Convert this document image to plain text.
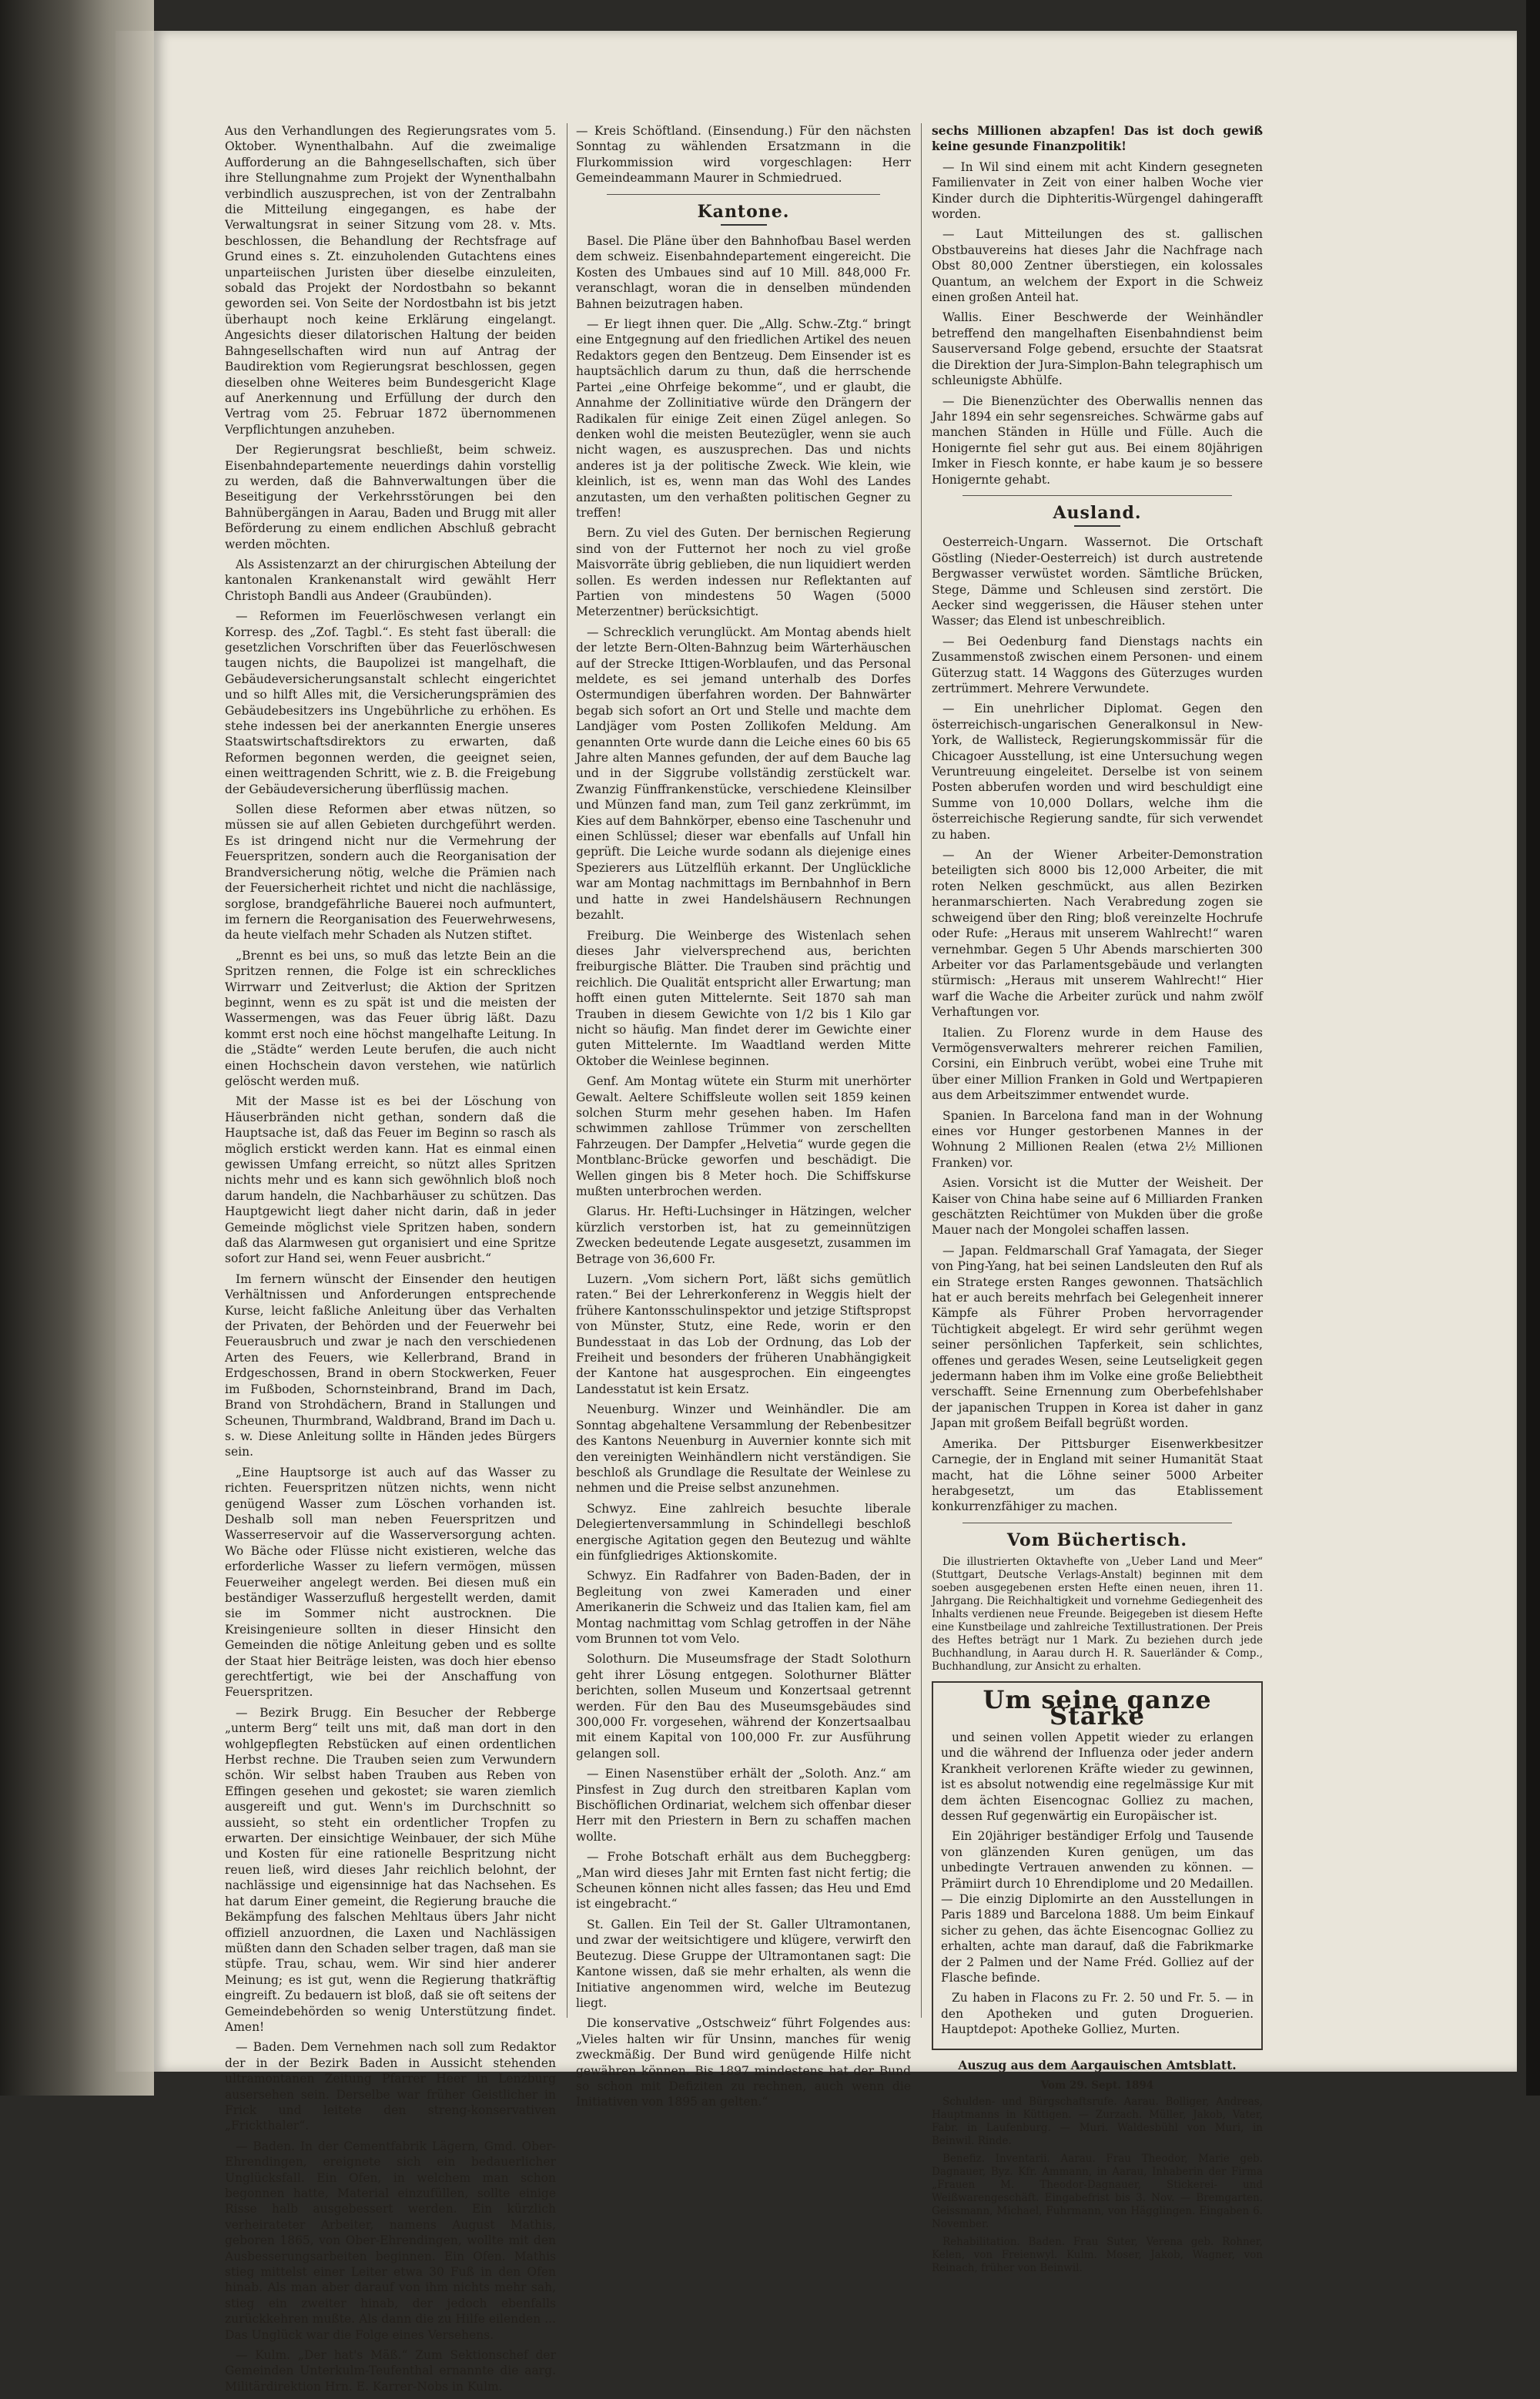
Aus den Verhandlungen des Regierungsrates vom 5. Oktober. Wynenthalbahn. Auf die zweimalige Aufforderung an die Bahngesellschaften, sich über ihre Stellungnahme zum Projekt der Wynenthalbahn verbindlich auszusprechen, ist von der Zentralbahn die Mitteilung eingegangen, es habe der Verwaltungsrat in seiner Sitzung vom 28. v. Mts. beschlossen, die Behandlung der Rechtsfrage auf Grund eines s. Zt. einzuholenden Gutachtens eines unparteiischen Juristen über dieselbe einzuleiten, sobald das Projekt der Nordostbahn so bekannt geworden sei. Von Seite der Nordostbahn ist bis jetzt überhaupt noch keine Erklärung eingelangt. Angesichts dieser dilatorischen Haltung der beiden Bahngesellschaften wird nun auf Antrag der Baudirektion vom Regierungsrat beschlossen, gegen dieselben ohne Weiteres beim Bundesgericht Klage auf Anerkennung und Erfüllung der durch den Vertrag vom 25. Februar 1872 übernommenen Verpflichtungen anzuheben.

Der Regierungsrat beschließt, beim schweiz. Eisenbahndepartemente neuerdings dahin vorstellig zu werden, daß die Bahnverwaltungen über die Beseitigung der Verkehrsstörungen bei den Bahnübergängen in Aarau, Baden und Brugg mit aller Beförderung zu einem endlichen Abschluß gebracht werden möchten.

Als Assistenzarzt an der chirurgischen Abteilung der kantonalen Krankenanstalt wird gewählt Herr Christoph Bandli aus Andeer (Graubünden).

— Reformen im Feuerlöschwesen verlangt ein Korresp. des „Zof. Tagbl.“. Es steht fast überall: die gesetzlichen Vorschriften über das Feuerlöschwesen taugen nichts, die Baupolizei ist mangelhaft, die Gebäudeversicherungsanstalt schlecht eingerichtet und so hilft Alles mit, die Versicherungsprämien des Gebäudebesitzers ins Ungebührliche zu erhöhen. Es stehe indessen bei der anerkannten Energie unseres Staatswirtschaftsdirektors zu erwarten, daß Reformen begonnen werden, die geeignet seien, einen weittragenden Schritt, wie z. B. die Freigebung der Gebäudeversicherung überflüssig machen.

Sollen diese Reformen aber etwas nützen, so müssen sie auf allen Gebieten durchgeführt werden. Es ist dringend nicht nur die Vermehrung der Feuerspritzen, sondern auch die Reorganisation der Brandversicherung nötig, welche die Prämien nach der Feuersicherheit richtet und nicht die nachlässige, sorglose, brandgefährliche Bauerei noch aufmuntert, im fernern die Reorganisation des Feuerwehrwesens, da heute vielfach mehr Schaden als Nutzen stiftet.

„Brennt es bei uns, so muß das letzte Bein an die Spritzen rennen, die Folge ist ein schreckliches Wirrwarr und Zeitverlust; die Aktion der Spritzen beginnt, wenn es zu spät ist und die meisten der Wassermengen, was das Feuer übrig läßt. Dazu kommt erst noch eine höchst mangelhafte Leitung. In die „Städte“ werden Leute berufen, die auch nicht einen Hochschein davon verstehen, wie natürlich gelöscht werden muß.

Mit der Masse ist es bei der Löschung von Häuserbränden nicht gethan, sondern daß die Hauptsache ist, daß das Feuer im Beginn so rasch als möglich erstickt werden kann. Hat es einmal einen gewissen Umfang erreicht, so nützt alles Spritzen nichts mehr und es kann sich gewöhnlich bloß noch darum handeln, die Nachbarhäuser zu schützen. Das Hauptgewicht liegt daher nicht darin, daß in jeder Gemeinde möglichst viele Spritzen haben, sondern daß das Alarmwesen gut organisiert und eine Spritze sofort zur Hand sei, wenn Feuer ausbricht.“

Im fernern wünscht der Einsender den heutigen Verhältnissen und Anforderungen entsprechende Kurse, leicht faßliche Anleitung über das Verhalten der Privaten, der Behörden und der Feuerwehr bei Feuerausbruch und zwar je nach den verschiedenen Arten des Feuers, wie Kellerbrand, Brand in Erdgeschossen, Brand in obern Stockwerken, Feuer im Fußboden, Schornsteinbrand, Brand im Dach, Brand von Strohdächern, Brand in Stallungen und Scheunen, Thurmbrand, Waldbrand, Brand im Dach u. s. w. Diese Anleitung sollte in Händen jedes Bürgers sein.

„Eine Hauptsorge ist auch auf das Wasser zu richten. Feuerspritzen nützen nichts, wenn nicht genügend Wasser zum Löschen vorhanden ist. Deshalb soll man neben Feuerspritzen und Wasserreservoir auf die Wasserversorgung achten. Wo Bäche oder Flüsse nicht existieren, welche das erforderliche Wasser zu liefern vermögen, müssen Feuerweiher angelegt werden. Bei diesen muß ein beständiger Wasserzufluß hergestellt werden, damit sie im Sommer nicht austrocknen. Die Kreisingenieure sollten in dieser Hinsicht den Gemeinden die nötige Anleitung geben und es sollte der Staat hier Beiträge leisten, was doch hier ebenso gerechtfertigt, wie bei der Anschaffung von Feuerspritzen.

— Bezirk Brugg. Ein Besucher der Rebberge „unterm Berg“ teilt uns mit, daß man dort in den wohlgepflegten Rebstücken auf einen ordentlichen Herbst rechne. Die Trauben seien zum Verwundern schön. Wir selbst haben Trauben aus Reben von Effingen gesehen und gekostet; sie waren ziemlich ausgereift und gut. Wenn's im Durchschnitt so aussieht, so steht ein ordentlicher Tropfen zu erwarten. Der einsichtige Weinbauer, der sich Mühe und Kosten für eine rationelle Bespritzung nicht reuen ließ, wird dieses Jahr reichlich belohnt, der nachlässige und eigensinnige hat das Nachsehen. Es hat darum Einer gemeint, die Regierung brauche die Bekämpfung des falschen Mehltaus übers Jahr nicht offiziell anzuordnen, die Laxen und Nachlässigen müßten dann den Schaden selber tragen, daß man sie stüpfe. Trau, schau, wem. Wir sind hier anderer Meinung; es ist gut, wenn die Regierung thatkräftig eingreift. Zu bedauern ist bloß, daß sie oft seitens der Gemeindebehörden so wenig Unterstützung findet. Amen!

— Baden. Dem Vernehmen nach soll zum Redaktor der in der Bezirk Baden in Aussicht stehenden ultramontanen Zeitung Pfarrer Heer in Lenzburg ausersehen sein. Derselbe war früher Geistlicher in Frick und leitete den streng-konservativen „Frickthaler“.

— Baden. In der Cementfabrik Lägern, Gmd. Ober-Ehrendingen, ereignete sich ein bedauerlicher Unglücksfall. Ein Ofen, in welchem man schon begonnen hatte, Material einzufüllen, sollte einige Risse halb ausgebessert werden. Ein kürzlich verheirateter Arbeiter, namens August Mathis, geboren 1865, von Ober-Ehrendingen, wollte mit den Ausbesserungsarbeiten beginnen. Ein Ofen. Mathis stieg mittelst einer Leiter etwa 30 Fuß in den Ofen hinab. Als man aber darauf von ihm nichts mehr sah, stieg ein zweiter hinab, der jedoch ebenfalls zurückkehren mußte. Als dann die zu Hilfe eilenden ... Das Unglück war die Folge eines Versehens.

— Kulm. „Der hat's Mäß.“ Zum Sektionschef der Gemeinden Unterkulm-Teufenthal ernannte die aarg. Militärdirektion Hrn. E. Karrer-Nobs in Kulm.

— Kreis Schöftland. (Einsendung.) Für den nächsten Sonntag zu wählenden Ersatzmann in die Flurkommission wird vorgeschlagen: Herr Gemeindeammann Maurer in Schmiedrued.

Kantone.

Basel. Die Pläne über den Bahnhofbau Basel werden dem schweiz. Eisenbahndepartement eingereicht. Die Kosten des Umbaues sind auf 10 Mill. 848,000 Fr. veranschlagt, woran die in denselben mündenden Bahnen beizutragen haben.

— Er liegt ihnen quer. Die „Allg. Schw.-Ztg.“ bringt eine Entgegnung auf den friedlichen Artikel des neuen Redaktors gegen den Bentzeug. Dem Einsender ist es hauptsächlich darum zu thun, daß die herrschende Partei „eine Ohrfeige bekomme“, und er glaubt, die Annahme der Zollinitiative würde den Drängern der Radikalen für einige Zeit einen Zügel anlegen. So denken wohl die meisten Beutezügler, wenn sie auch nicht wagen, es auszusprechen. Das und nichts anderes ist ja der politische Zweck. Wie klein, wie kleinlich, ist es, wenn man das Wohl des Landes anzutasten, um den verhaßten politischen Gegner zu treffen!

Bern. Zu viel des Guten. Der bernischen Regierung sind von der Futternot her noch zu viel große Maisvorräte übrig geblieben, die nun liquidiert werden sollen. Es werden indessen nur Reflektanten auf Partien von mindestens 50 Wagen (5000 Meterzentner) berücksichtigt.

— Schrecklich verunglückt. Am Montag abends hielt der letzte Bern-Olten-Bahnzug beim Wärterhäuschen auf der Strecke Ittigen-Worblaufen, und das Personal meldete, es sei jemand unterhalb des Dorfes Ostermundigen überfahren worden. Der Bahnwärter begab sich sofort an Ort und Stelle und machte dem Landjäger vom Posten Zollikofen Meldung. Am genannten Orte wurde dann die Leiche eines 60 bis 65 Jahre alten Mannes gefunden, der auf dem Bauche lag und in der Siggrube vollständig zerstückelt war. Zwanzig Fünffrankenstücke, verschiedene Kleinsilber und Münzen fand man, zum Teil ganz zerkrümmt, im Kies auf dem Bahnkörper, ebenso eine Taschenuhr und einen Schlüssel; dieser war ebenfalls auf Unfall hin geprüft. Die Leiche wurde sodann als diejenige eines Spezierers aus Lützelflüh erkannt. Der Unglückliche war am Montag nachmittags im Bernbahnhof in Bern und hatte in zwei Handelshäusern Rechnungen bezahlt.

Freiburg. Die Weinberge des Wistenlach sehen dieses Jahr vielversprechend aus, berichten freiburgische Blätter. Die Trauben sind prächtig und reichlich. Die Qualität entspricht aller Erwartung; man hofft einen guten Mittelernte. Seit 1870 sah man Trauben in diesem Gewichte von 1/2 bis 1 Kilo gar nicht so häufig. Man findet derer im Gewichte einer guten Mittelernte. Im Waadtland werden Mitte Oktober die Weinlese beginnen.

Genf. Am Montag wütete ein Sturm mit unerhörter Gewalt. Aeltere Schiffsleute wollen seit 1859 keinen solchen Sturm mehr gesehen haben. Im Hafen schwimmen zahllose Trümmer von zerschellten Fahrzeugen. Der Dampfer „Helvetia“ wurde gegen die Montblanc-Brücke geworfen und beschädigt. Die Wellen gingen bis 8 Meter hoch. Die Schiffskurse mußten unterbrochen werden.

Glarus. Hr. Hefti-Luchsinger in Hätzingen, welcher kürzlich verstorben ist, hat zu gemeinnützigen Zwecken bedeutende Legate ausgesetzt, zusammen im Betrage von 36,600 Fr.

Luzern. „Vom sichern Port, läßt sichs gemütlich raten.“ Bei der Lehrerkonferenz in Weggis hielt der frühere Kantonsschulinspektor und jetzige Stiftspropst von Münster, Stutz, eine Rede, worin er den Bundesstaat in das Lob der Ordnung, das Lob der Freiheit und besonders der früheren Unabhängigkeit der Kantone hat ausgesprochen. Ein eingeengtes Landesstatut ist kein Ersatz.

Neuenburg. Winzer und Weinhändler. Die am Sonntag abgehaltene Versammlung der Rebenbesitzer des Kantons Neuenburg in Auvernier konnte sich mit den vereinigten Weinhändlern nicht verständigen. Sie beschloß als Grundlage die Resultate der Weinlese zu nehmen und die Preise selbst anzunehmen.

Schwyz. Eine zahlreich besuchte liberale Delegiertenversammlung in Schindellegi beschloß energische Agitation gegen den Beutezug und wählte ein fünfgliedriges Aktionskomite.

Schwyz. Ein Radfahrer von Baden-Baden, der in Begleitung von zwei Kameraden und einer Amerikanerin die Schweiz und das Italien kam, fiel am Montag nachmittag vom Schlag getroffen in der Nähe vom Brunnen tot vom Velo.

Solothurn. Die Museumsfrage der Stadt Solothurn geht ihrer Lösung entgegen. Solothurner Blätter berichten, sollen Museum und Konzertsaal getrennt werden. Für den Bau des Museumsgebäudes sind 300,000 Fr. vorgesehen, während der Konzertsaalbau mit einem Kapital von 100,000 Fr. zur Ausführung gelangen soll.

— Einen Nasenstüber erhält der „Soloth. Anz.“ am Pinsfest in Zug durch den streitbaren Kaplan vom Bischöflichen Ordinariat, welchem sich offenbar dieser Herr mit den Priestern in Bern zu schaffen machen wollte.

— Frohe Botschaft erhält aus dem Bucheggberg: „Man wird dieses Jahr mit Ernten fast nicht fertig; die Scheunen können nicht alles fassen; das Heu und Emd ist eingebracht.“

St. Gallen. Ein Teil der St. Galler Ultramontanen, und zwar der weitsichtigere und klügere, verwirft den Beutezug. Diese Gruppe der Ultramontanen sagt: Die Kantone wissen, daß sie mehr erhalten, als wenn die Initiative angenommen wird, welche im Beutezug liegt.

Die konservative „Ostschweiz“ führt Folgendes aus: „Vieles halten wir für Unsinn, manches für wenig zweckmäßig. Der Bund wird genügende Hilfe nicht gewähren können. Bis 1897 mindestens hat der Bund so schon mit Defiziten zu rechnen, auch wenn die Initiativen von 1895 an gelten.“

sechs Millionen abzapfen! Das ist doch gewiß keine gesunde Finanzpolitik!

— In Wil sind einem mit acht Kindern gesegneten Familienvater in Zeit von einer halben Woche vier Kinder durch die Diphteritis-Würgengel dahingerafft worden.

— Laut Mitteilungen des st. gallischen Obstbauvereins hat dieses Jahr die Nachfrage nach Obst 80,000 Zentner überstiegen, ein kolossales Quantum, an welchem der Export in die Schweiz einen großen Anteil hat.

Wallis. Einer Beschwerde der Weinhändler betreffend den mangelhaften Eisenbahndienst beim Sauserversand Folge gebend, ersuchte der Staatsrat die Direktion der Jura-Simplon-Bahn telegraphisch um schleunigste Abhülfe.

— Die Bienenzüchter des Oberwallis nennen das Jahr 1894 ein sehr segensreiches. Schwärme gabs auf manchen Ständen in Hülle und Fülle. Auch die Honigernte fiel sehr gut aus. Bei einem 80jährigen Imker in Fiesch konnte, er habe kaum je so bessere Honigernte gehabt.

Ausland.

Oesterreich-Ungarn. Wassernot. Die Ortschaft Göstling (Nieder-Oesterreich) ist durch austretende Bergwasser verwüstet worden. Sämtliche Brücken, Stege, Dämme und Schleusen sind zerstört. Die Aecker sind weggerissen, die Häuser stehen unter Wasser; das Elend ist unbeschreiblich.

— Bei Oedenburg fand Dienstags nachts ein Zusammenstoß zwischen einem Personen- und einem Güterzug statt. 14 Waggons des Güterzuges wurden zertrümmert. Mehrere Verwundete.

— Ein unehrlicher Diplomat. Gegen den österreichisch-ungarischen Generalkonsul in New-York, de Wallisteck, Regierungskommissär für die Chicagoer Ausstellung, ist eine Untersuchung wegen Veruntreuung eingeleitet. Derselbe ist von seinem Posten abberufen worden und wird beschuldigt eine Summe von 10,000 Dollars, welche ihm die österreichische Regierung sandte, für sich verwendet zu haben.

— An der Wiener Arbeiter-Demonstration beteiligten sich 8000 bis 12,000 Arbeiter, die mit roten Nelken geschmückt, aus allen Bezirken heranmarschierten. Nach Verabredung zogen sie schweigend über den Ring; bloß vereinzelte Hochrufe oder Rufe: „Heraus mit unserem Wahlrecht!“ waren vernehmbar. Gegen 5 Uhr Abends marschierten 300 Arbeiter vor das Parlamentsgebäude und verlangten stürmisch: „Heraus mit unserem Wahlrecht!“ Hier warf die Wache die Arbeiter zurück und nahm zwölf Verhaftungen vor.

Italien. Zu Florenz wurde in dem Hause des Vermögensverwalters mehrerer reichen Familien, Corsini, ein Einbruch verübt, wobei eine Truhe mit über einer Million Franken in Gold und Wertpapieren aus dem Arbeitszimmer entwendet wurde.

Spanien. In Barcelona fand man in der Wohnung eines vor Hunger gestorbenen Mannes in der Wohnung 2 Millionen Realen (etwa 2½ Millionen Franken) vor.

Asien. Vorsicht ist die Mutter der Weisheit. Der Kaiser von China habe seine auf 6 Milliarden Franken geschätzten Reichtümer von Mukden über die große Mauer nach der Mongolei schaffen lassen.

— Japan. Feldmarschall Graf Yamagata, der Sieger von Ping-Yang, hat bei seinen Landsleuten den Ruf als ein Stratege ersten Ranges gewonnen. Thatsächlich hat er auch bereits mehrfach bei Gelegenheit innerer Kämpfe als Führer Proben hervorragender Tüchtigkeit abgelegt. Er wird sehr gerühmt wegen seiner persönlichen Tapferkeit, sein schlichtes, offenes und gerades Wesen, seine Leutseligkeit gegen jedermann haben ihm im Volke eine große Beliebtheit verschafft. Seine Ernennung zum Oberbefehlshaber der japanischen Truppen in Korea ist daher in ganz Japan mit großem Beifall begrüßt worden.

Amerika. Der Pittsburger Eisenwerkbesitzer Carnegie, der in England mit seiner Humanität Staat macht, hat die Löhne seiner 5000 Arbeiter herabgesetzt, um das Etablissement konkurrenzfähiger zu machen.

Vom Büchertisch.

Die illustrierten Oktavhefte von „Ueber Land und Meer“ (Stuttgart, Deutsche Verlags-Anstalt) beginnen mit dem soeben ausgegebenen ersten Hefte einen neuen, ihren 11. Jahrgang. Die Reichhaltigkeit und vornehme Gediegenheit des Inhalts verdienen neue Freunde. Beigegeben ist diesem Hefte eine Kunstbeilage und zahlreiche Textillustrationen. Der Preis des Heftes beträgt nur 1 Mark. Zu beziehen durch jede Buchhandlung, in Aarau durch H. R. Sauerländer & Comp., Buchhandlung, zur Ansicht zu erhalten.

Um seine ganze Stärke

und seinen vollen Appetit wieder zu erlangen und die während der Influenza oder jeder andern Krankheit verlorenen Kräfte wieder zu gewinnen, ist es absolut notwendig eine regelmässige Kur mit dem ächten Eisencognac Golliez zu machen, dessen Ruf gegenwärtig ein Europäischer ist.

Ein 20jähriger beständiger Erfolg und Tausende von glänzenden Kuren genügen, um das unbedingte Vertrauen anwenden zu können. — Prämiirt durch 10 Ehrendiplome und 20 Medaillen. — Die einzig Diplomirte an den Ausstellungen in Paris 1889 und Barcelona 1888. Um beim Einkauf sicher zu gehen, das ächte Eisencognac Golliez zu erhalten, achte man darauf, daß die Fabrikmarke der 2 Palmen und der Name Fréd. Golliez auf der Flasche befinde.

Zu haben in Flacons zu Fr. 2. 50 und Fr. 5. — in den Apotheken und guten Droguerien. Hauptdepot: Apotheke Golliez, Murten.

Auszug aus dem Aargauischen Amtsblatt.
Vom 29. Sept. 1894

Schulden- und Bürgschaftsrufe. Aarau. Bolliger, Andreas, Hauptmanns in Küttigen. — Zurzach. Müller, Jakob, Vater, Fabr. in Laufenburg. — Muri. Waldesbühl von Muri, in Beinwil. Rinde.

Benefiz. Inventarii. Aarau. Frau Theodor, Marie geb. Dagnauer, Byz. Kfr. Ammann, in Aarau, Inhaberin der Firma „Frauen M. Theodor-Dagnauer, Stickerei- und Weißwarengeschäft. Eingabefrist bis 3. Nov. — Bremgarten. Geissmann, Michael, Fuhrmann, von Hägglingen. Eingaben 6. November.

Rehabilitation. Baden. Frau Suter, Verena geb. Rohner, Kelen, von Freienwyl. Kulm. Moser, Jakob, Wagner, von Reinach, früher von Beinwil.
